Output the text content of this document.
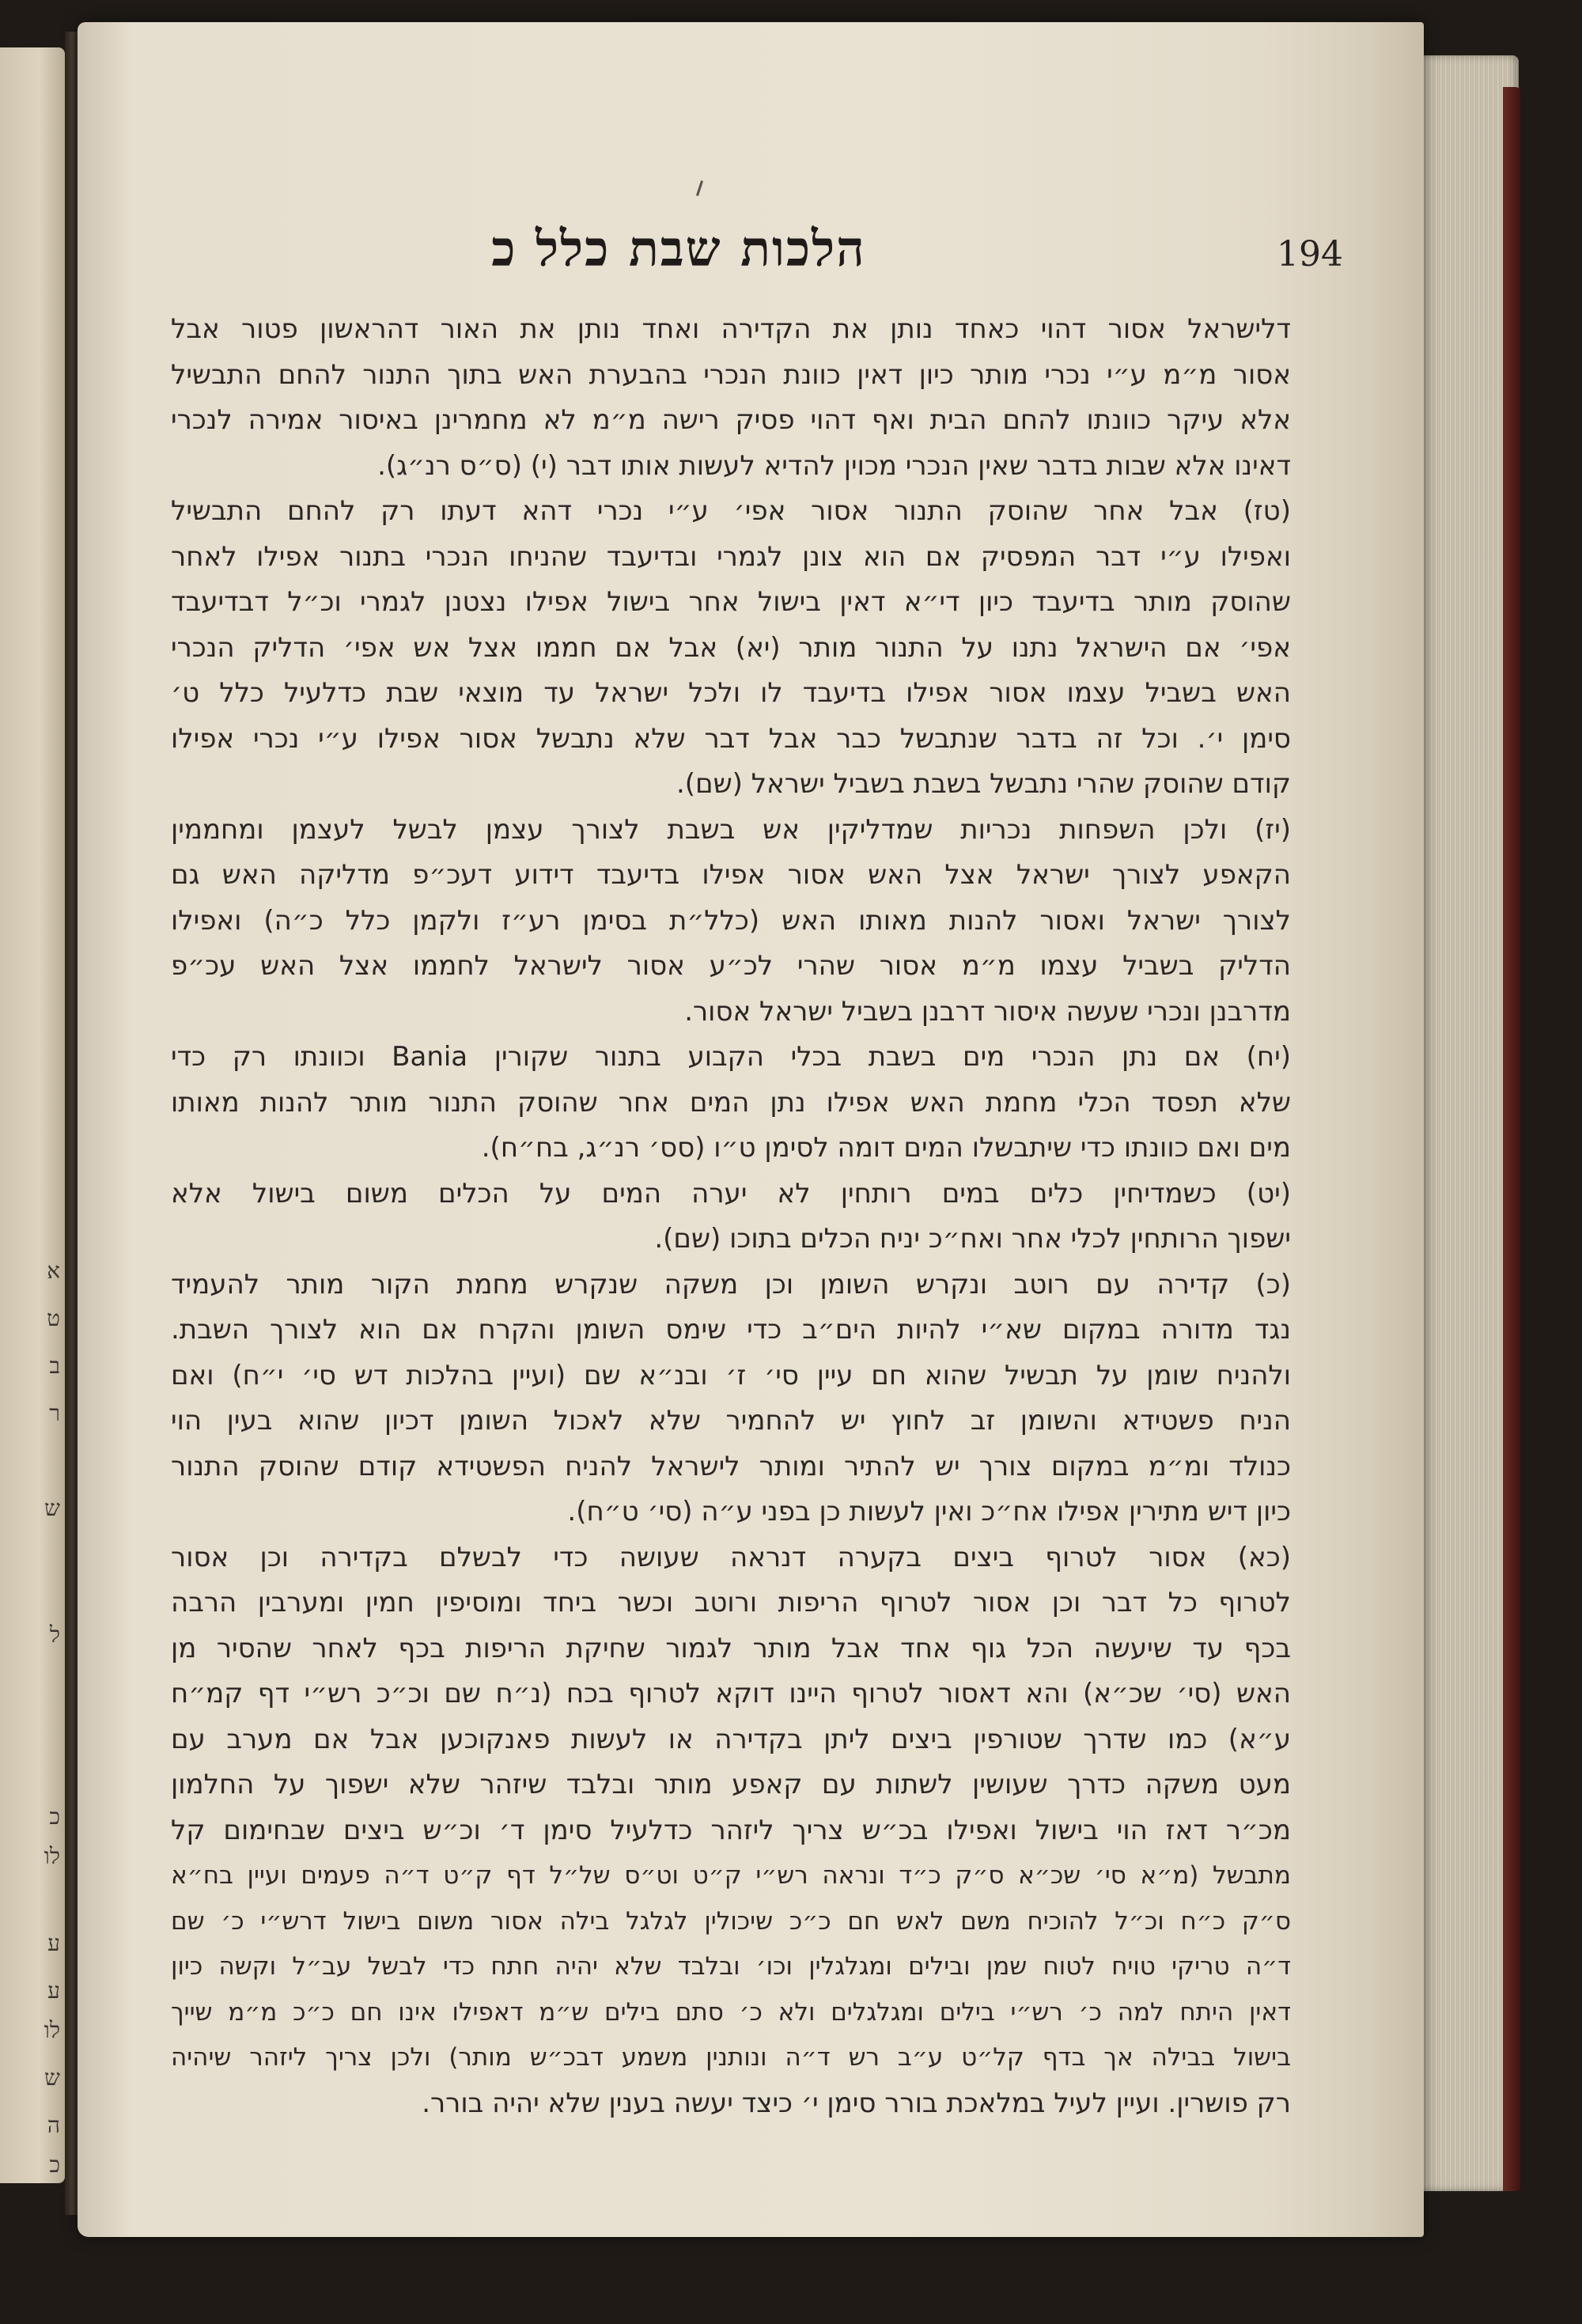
א
ט
ב
ר
ש
ל
כ
לו
ע
ע
לו
ש
ה
כ
הלכות שבת כלל כ	194
דלישראל אסור דהוי כאחד נותן את הקדירה ואחד נותן את האור דהראשון פטור אבל
אסור מ״מ ע״י נכרי מותר כיון דאין כוונת הנכרי בהבערת האש בתוך התנור להחם התבשיל
אלא עיקר כוונתו להחם הבית ואף דהוי פסיק רישה מ״מ לא מחמרינן באיסור אמירה לנכרי
דאינו אלא שבות בדבר שאין הנכרי מכוין להדיא לעשות אותו דבר (י) (ס״ס רנ״ג).
(טז) אבל אחר שהוסק התנור אסור אפי׳ ע״י נכרי דהא דעתו רק להחם התבשיל
ואפילו ע״י דבר המפסיק אם הוא צונן לגמרי ובדיעבד שהניחו הנכרי בתנור אפילו לאחר
שהוסק מותר בדיעבד כיון די״א דאין בישול אחר בישול אפילו נצטנן לגמרי וכ״ל דבדיעבד
אפי׳ אם הישראל נתנו על התנור מותר (יא) אבל אם חממו אצל אש אפי׳ הדליק הנכרי
האש בשביל עצמו אסור אפילו בדיעבד לו ולכל ישראל עד מוצאי שבת כדלעיל כלל ט׳
סימן י׳. וכל זה בדבר שנתבשל כבר אבל דבר שלא נתבשל אסור אפילו ע״י נכרי אפילו
קודם שהוסק שהרי נתבשל בשבת בשביל ישראל (שם).
(יז) ולכן השפחות נכריות שמדליקין אש בשבת לצורך עצמן לבשל לעצמן ומחממין
הקאפע לצורך ישראל אצל האש אסור אפילו בדיעבד דידוע דעכ״פ מדליקה האש גם
לצורך ישראל ואסור להנות מאותו האש (כלל״ת בסימן רע״ז ולקמן כלל כ״ה) ואפילו
הדליק בשביל עצמו מ״מ אסור שהרי לכ״ע אסור לישראל לחממו אצל האש עכ״פ
מדרבנן ונכרי שעשה איסור דרבנן בשביל ישראל אסור.
(יח) אם נתן הנכרי מים בשבת בכלי הקבוע בתנור שקורין Bania וכוונתו רק כדי
שלא תפסד הכלי מחמת האש אפילו נתן המים אחר שהוסק התנור מותר להנות מאותו
מים ואם כוונתו כדי שיתבשלו המים דומה לסימן ט״ו (סס׳ רנ״ג, בח״ח).
(יט) כשמדיחין כלים במים רותחין לא יערה המים על הכלים משום בישול אלא
ישפוך הרותחין לכלי אחר ואח״כ יניח הכלים בתוכו (שם).
(כ) קדירה עם רוטב ונקרש השומן וכן משקה שנקרש מחמת הקור מותר להעמיד
נגד מדורה במקום שא״י להיות הים״ב כדי שימס השומן והקרח אם הוא לצורך השבת.
ולהניח שומן על תבשיל שהוא חם עיין סי׳ ז׳ ובנ״א שם (ועיין בהלכות דש סי׳ י״ח) ואם
הניח פשטידא והשומן זב לחוץ יש להחמיר שלא לאכול השומן דכיון שהוא בעין הוי
כנולד ומ״מ במקום צורך יש להתיר ומותר לישראל להניח הפשטידא קודם שהוסק התנור
כיון דיש מתירין אפילו אח״כ ואין לעשות כן בפני ע״ה (סי׳ ט״ח).
(כא) אסור לטרוף ביצים בקערה דנראה שעושה כדי לבשלם בקדירה וכן אסור
לטרוף כל דבר וכן אסור לטרוף הריפות ורוטב וכשר ביחד ומוסיפין חמין ומערבין הרבה
בכף עד שיעשה הכל גוף אחד אבל מותר לגמור שחיקת הריפות בכף לאחר שהסיר מן
האש (סי׳ שכ״א) והא דאסור לטרוף היינו דוקא לטרוף בכח (נ״ח שם וכ״כ רש״י דף קמ״ח
ע״א) כמו שדרך שטורפין ביצים ליתן בקדירה או לעשות פאנקוכען אבל אם מערב עם
מעט משקה כדרך שעושין לשתות עם קאפע מותר ובלבד שיזהר שלא ישפוך על החלמון
מכ״ר דאז הוי בישול ואפילו בכ״ש צריך ליזהר כדלעיל סימן ד׳ וכ״ש ביצים שבחימום קל
מתבשל (מ״א סי׳ שכ״א ס״ק כ״ד ונראה רש״י ק״ט וט״ס של״ל דף ק״ט ד״ה פעמים ועיין בח״א
ס״ק כ״ח וכ״ל להוכיח משם לאש חם כ״כ שיכולין לגלגל בילה אסור משום בישול דרש״י כ׳ שם
ד״ה טריקי טויח לטוח שמן ובילים ומגלגלין וכו׳ ובלבד שלא יהיה חתח כדי לבשל עב״ל וקשה כיון
דאין היתח למה כ׳ רש״י בילים ומגלגלים ולא כ׳ סתם בילים ש״מ דאפילו אינו חם כ״כ מ״מ שייך
בישול בבילה אך בדף קל״ט ע״ב רש ד״ה ונותנין משמע דבכ״ש מותר) ולכן צריך ליזהר שיהיה
רק פושרין. ועיין לעיל במלאכת בורר סימן י׳ כיצד יעשה בענין שלא יהיה בורר.
